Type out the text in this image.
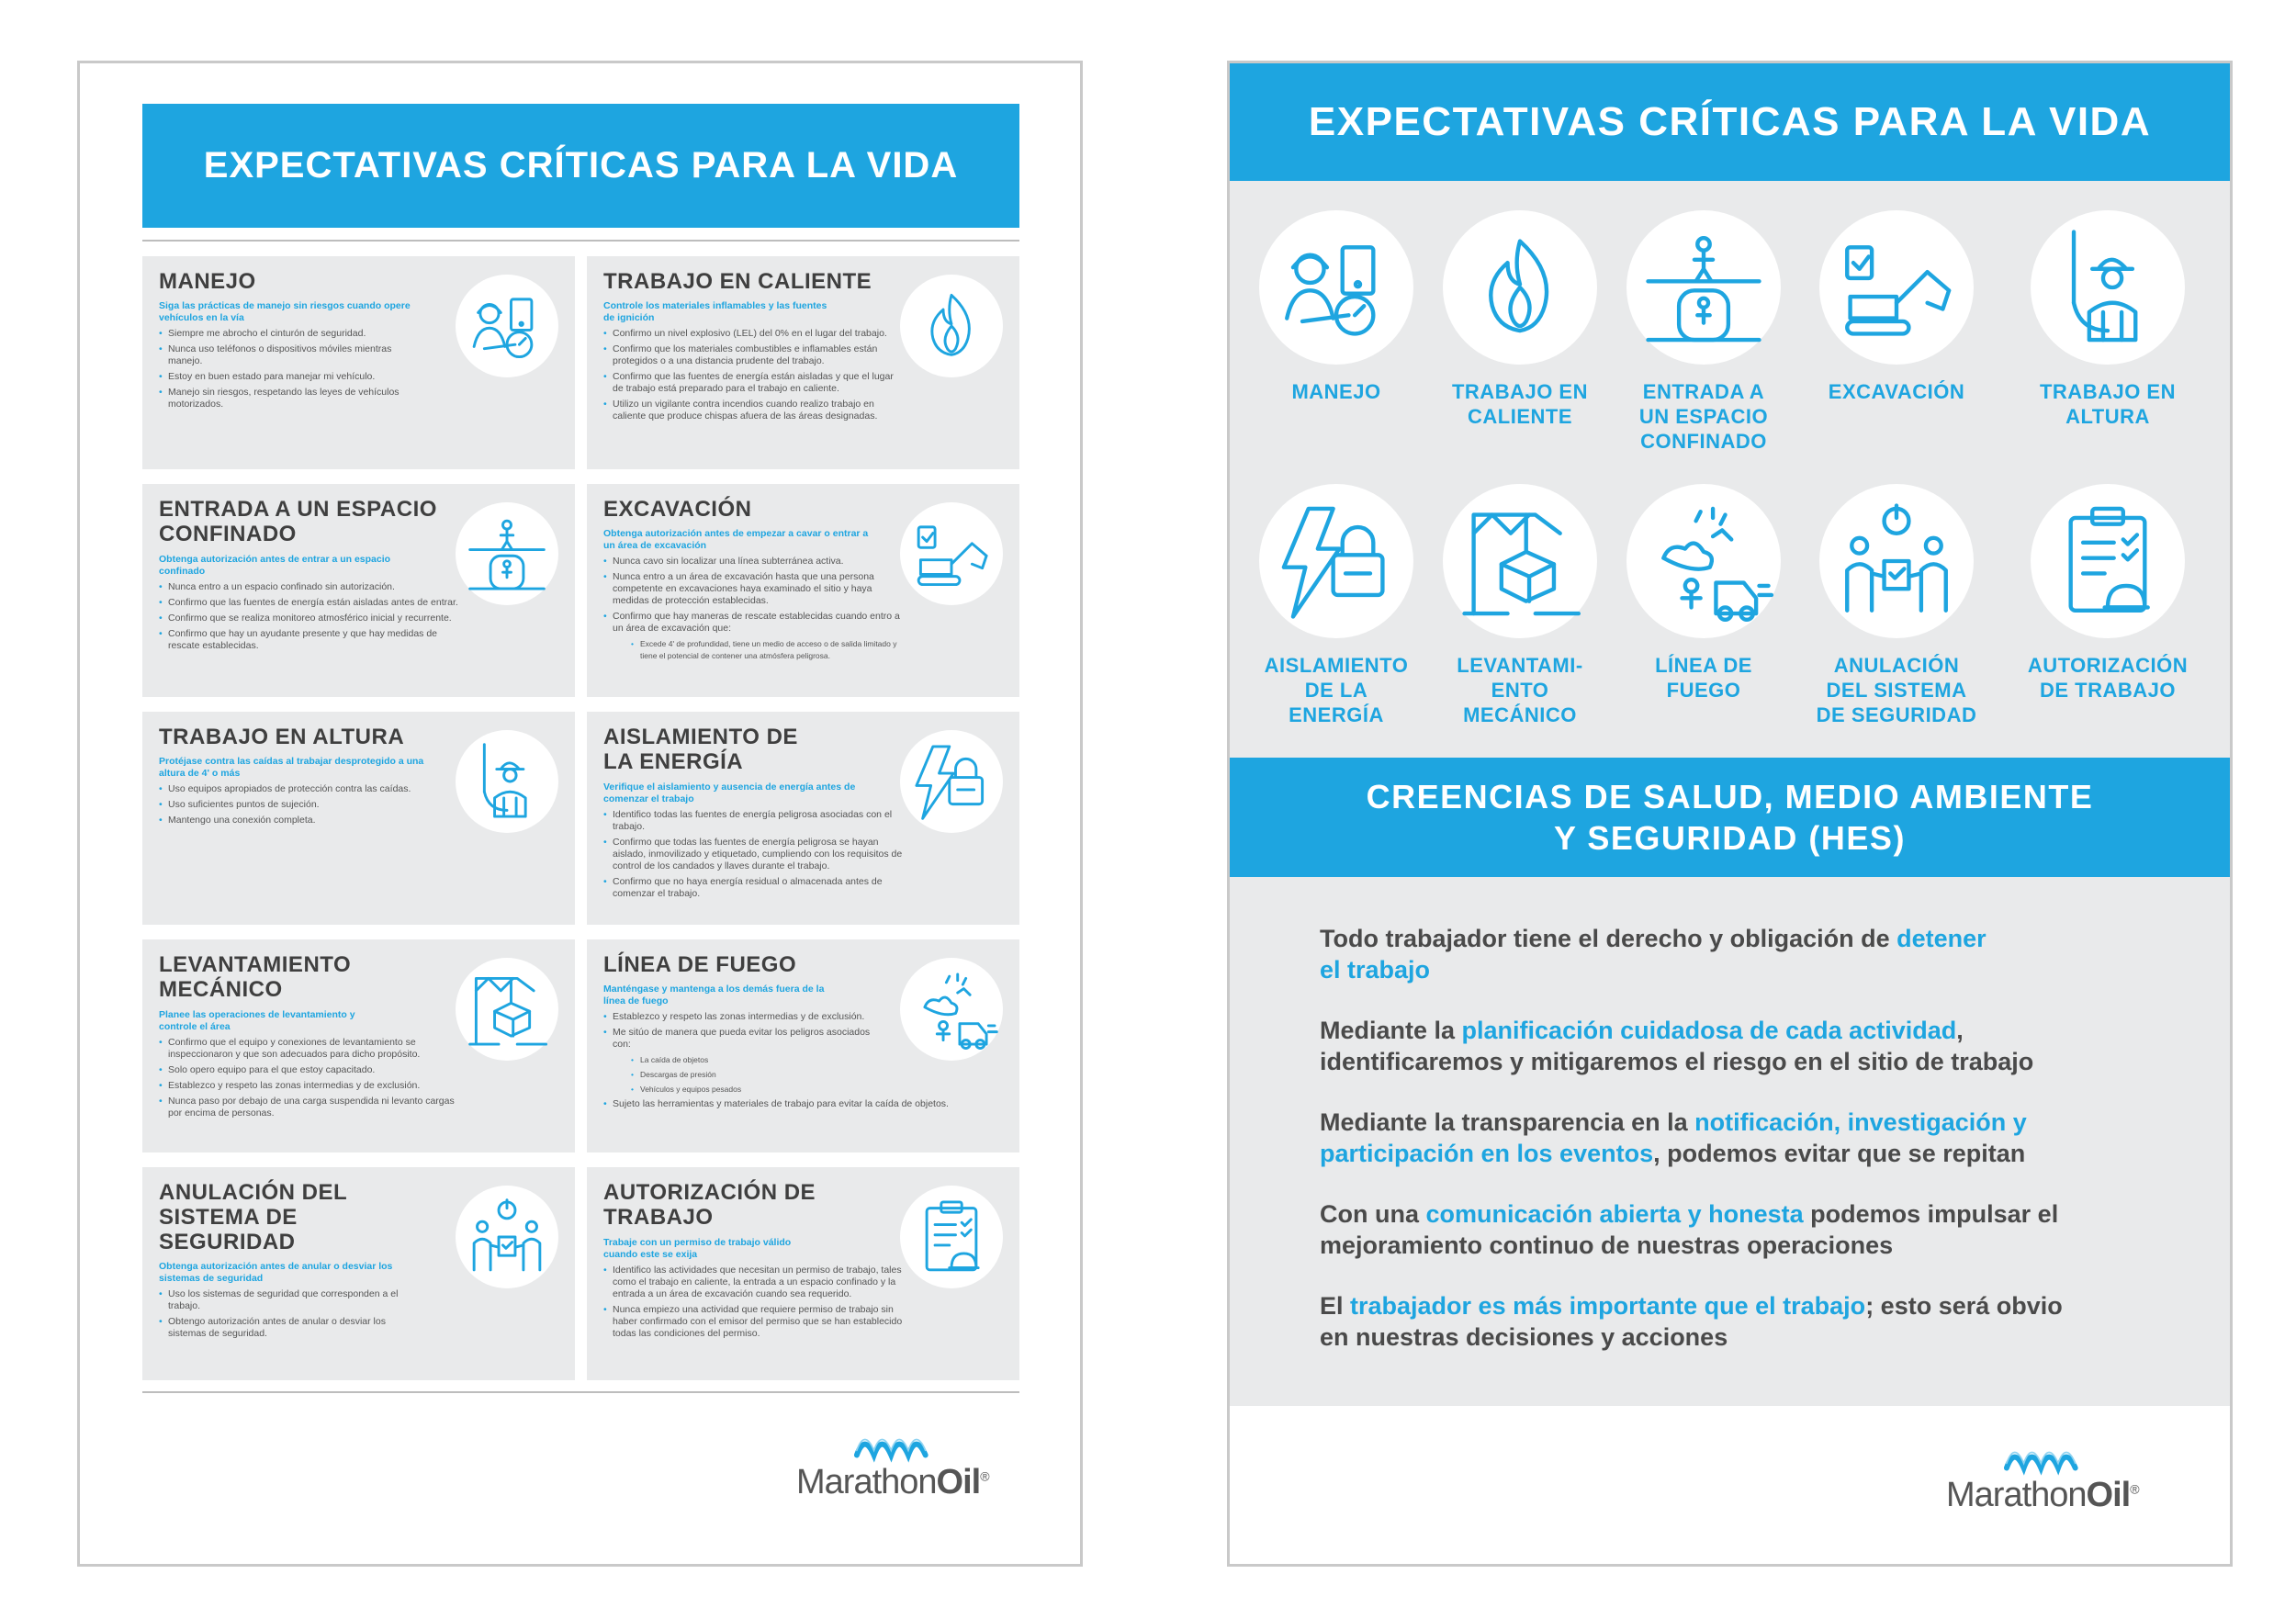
EXPECTATIVAS CRÍTICAS PARA LA VIDA
MANEJO
Siga las prácticas de manejo sin riesgos cuando opere vehículos en la vía
• Siempre me abrocho el cinturón de seguridad.
• Nunca uso teléfonos o dispositivos móviles mientras manejo.
• Estoy en buen estado para manejar mi vehículo.
• Manejo sin riesgos, respetando las leyes de vehículos motorizados.
TRABAJO EN CALIENTE
Controle los materiales inflamables y las fuentes de ignición
• Confirmo un nivel explosivo (LEL) del 0% en el lugar del trabajo.
• Confirmo que los materiales combustibles e inflamables están protegidos o a una distancia prudente del trabajo.
• Confirmo que las fuentes de energía están aisladas y que el lugar de trabajo está preparado para el trabajo en caliente.
• Utilizo un vigilante contra incendios cuando realizo trabajo en caliente que produce chispas afuera de las áreas designadas.
ENTRADA A UN ESPACIO
CONFINADO
Obtenga autorización antes de entrar a un espacio confinado
• Nunca entro a un espacio confinado sin autorización.
• Confirmo que las fuentes de energía están aisladas antes de entrar.
• Confirmo que se realiza monitoreo atmosférico inicial y recurrente.
• Confirmo que hay un ayudante presente y que hay medidas de rescate establecidas.
EXCAVACIÓN
Obtenga autorización antes de empezar a cavar o entrar a un área de excavación
• Nunca cavo sin localizar una línea subterránea activa.
• Nunca entro a un área de excavación hasta que una persona competente en excavaciones haya examinado el sitio y haya medidas de protección establecidas.
• Confirmo que hay maneras de rescate establecidas cuando entro a un área de excavación que:
• Excede 4' de profundidad, tiene un medio de acceso o de salida limitado y tiene el potencial de contener una atmósfera peligrosa.
TRABAJO EN ALTURA
Protéjase contra las caídas al trabajar desprotegido a una altura de 4' o más
• Uso equipos apropiados de protección contra las caídas.
• Uso suficientes puntos de sujeción.
• Mantengo una conexión completa.
AISLAMIENTO DE
LA ENERGÍA
Verifique el aislamiento y ausencia de energía antes de comenzar el trabajo
• Identifico todas las fuentes de energía peligrosa asociadas con el trabajo.
• Confirmo que todas las fuentes de energía peligrosa se hayan aislado, inmovilizado y etiquetado, cumpliendo con los requisitos de control de los candados y llaves durante el trabajo.
• Confirmo que no haya energía residual o almacenada antes de comenzar el trabajo.
LEVANTAMIENTO
MECÁNICO
Planee las operaciones de levantamiento y controle el área
• Confirmo que el equipo y conexiones de levantamiento se inspeccionaron y que son adecuados para dicho propósito.
• Solo opero equipo para el que estoy capacitado.
• Establezco y respeto las zonas intermedias y de exclusión.
• Nunca paso por debajo de una carga suspendida ni levanto cargas por encima de personas.
LÍNEA DE FUEGO
Manténgase y mantenga a los demás fuera de la línea de fuego
• Establezco y respeto las zonas intermedias y de exclusión.
• Me sitúo de manera que pueda evitar los peligros asociados con:
• La caída de objetos
• Descargas de presión
• Vehículos y equipos pesados
• Sujeto las herramientas y materiales de trabajo para evitar la caída de objetos.
ANULACIÓN DEL
SISTEMA DE
SEGURIDAD
Obtenga autorización antes de anular o desviar los sistemas de seguridad
• Uso los sistemas de seguridad que corresponden a el trabajo.
• Obtengo autorización antes de anular o desviar los sistemas de seguridad.
AUTORIZACIÓN DE
TRABAJO
Trabaje con un permiso de trabajo válido cuando este se exija
• Identifico las actividades que necesitan un permiso de trabajo, tales como el trabajo en caliente, la entrada a un espacio confinado y la entrada a un área de excavación cuando sea requerido.
• Nunca empiezo una actividad que requiere permiso de trabajo sin haber confirmado con el emisor del permiso que se han establecido todas las condiciones del permiso.
MarathonOil®
EXPECTATIVAS CRÍTICAS PARA LA VIDA
MANEJO	TRABAJO EN
CALIENTE
ENTRADA A
UN ESPACIO
CONFINADO
EXCAVACIÓN	TRABAJO EN
ALTURA
AISLAMIENTO
DE LA
ENERGÍA
LEVANTAMI-
ENTO
MECÁNICO
LÍNEA DE
FUEGO
ANULACIÓN
DEL SISTEMA
DE SEGURIDAD
AUTORIZACIÓN
DE TRABAJO
CREENCIAS DE SALUD, MEDIO AMBIENTE
Y SEGURIDAD (HES)
Todo trabajador tiene el derecho y obligación de detener
el trabajo
Mediante la planificación cuidadosa de cada actividad,
identificaremos y mitigaremos el riesgo en el sitio de trabajo
Mediante la transparencia en la notificación, investigación y
participación en los eventos, podemos evitar que se repitan
Con una comunicación abierta y honesta podemos impulsar el
mejoramiento continuo de nuestras operaciones
El trabajador es más importante que el trabajo; esto será obvio
en nuestras decisiones y acciones
MarathonOil®
